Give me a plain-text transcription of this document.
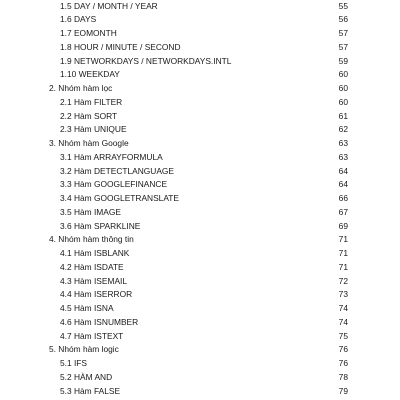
1.5 DAY / MONTH / YEAR	55
1.6 DAYS	56
1.7 EOMONTH	57
1.8 HOUR / MINUTE / SECOND	57
1.9 NETWORKDAYS / NETWORKDAYS.INTL	59
1.10 WEEKDAY	60
2. Nhóm hàm lọc	60
2.1 Hàm FILTER	60
2.2 Hàm SORT	61
2.3 Hàm UNIQUE	62
3. Nhóm hàm Google	63
3.1 Hàm ARRAYFORMULA	63
3.2 Hàm DETECTLANGUAGE	64
3.3 Hàm GOOGLEFINANCE	64
3.4 Hàm GOOGLETRANSLATE	66
3.5 Hàm IMAGE	67
3.6 Hàm SPARKLINE	69
4. Nhóm hàm thông tin	71
4.1 Hàm ISBLANK	71
4.2 Hàm ISDATE	71
4.3 Hàm ISEMAIL	72
4.4 Hàm ISERROR	73
4.5 Hàm ISNA	74
4.6 Hàm ISNUMBER	74
4.7 Hàm ISTEXT	75
5. Nhóm hàm logic	76
5.1 IFS	76
5.2 HÀM AND	78
5.3 Hàm FALSE	79
